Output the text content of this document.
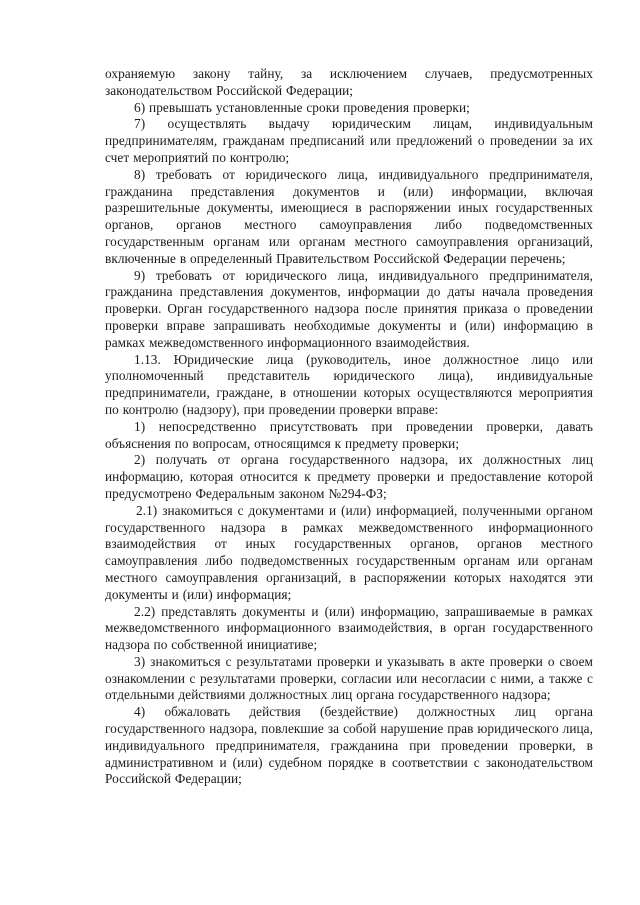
охраняемую закону тайну, за исключением случаев, предусмотренных законодательством Российской Федерации;

6) превышать установленные сроки проведения проверки;

7) осуществлять выдачу юридическим лицам, индивидуальным предпринимателям, гражданам предписаний или предложений о проведении за их счет мероприятий по контролю;

8) требовать от юридического лица, индивидуального предпринимателя, гражданина представления документов и (или) информации, включая разрешительные документы, имеющиеся в распоряжении иных государственных органов, органов местного самоуправления либо подведомственных государственным органам или органам местного самоуправления организаций, включенные в определенный Правительством Российской Федерации перечень;

9) требовать от юридического лица, индивидуального предпринимателя, гражданина представления документов, информации до даты начала проведения проверки. Орган государственного надзора после принятия приказа о проведении проверки вправе запрашивать необходимые документы и (или) информацию в рамках межведомственного информационного взаимодействия.

1.13. Юридические лица (руководитель, иное должностное лицо или уполномоченный представитель юридического лица), индивидуальные предприниматели, граждане, в отношении которых осуществляются мероприятия по контролю (надзору), при проведении проверки вправе:

1) непосредственно присутствовать при проведении проверки, давать объяснения по вопросам, относящимся к предмету проверки;

2) получать от органа государственного надзора, их должностных лиц информацию, которая относится к предмету проверки и предоставление которой предусмотрено Федеральным законом №294-ФЗ;

2.1) знакомиться с документами и (или) информацией, полученными органом государственного надзора в рамках межведомственного информационного взаимодействия от иных государственных органов, органов местного самоуправления либо подведомственных государственным органам или органам местного самоуправления организаций, в распоряжении которых находятся эти документы и (или) информация;

2.2) представлять документы и (или) информацию, запрашиваемые в рамках межведомственного информационного взаимодействия, в орган государственного надзора по собственной инициативе;

3) знакомиться с результатами проверки и указывать в акте проверки о своем ознакомлении с результатами проверки, согласии или несогласии с ними, а также с отдельными действиями должностных лиц органа государственного надзора;

4) обжаловать действия (бездействие) должностных лиц органа государственного надзора, повлекшие за собой нарушение прав юридического лица, индивидуального предпринимателя, гражданина при проведении проверки, в административном и (или) судебном порядке в соответствии с законодательством Российской Федерации;
